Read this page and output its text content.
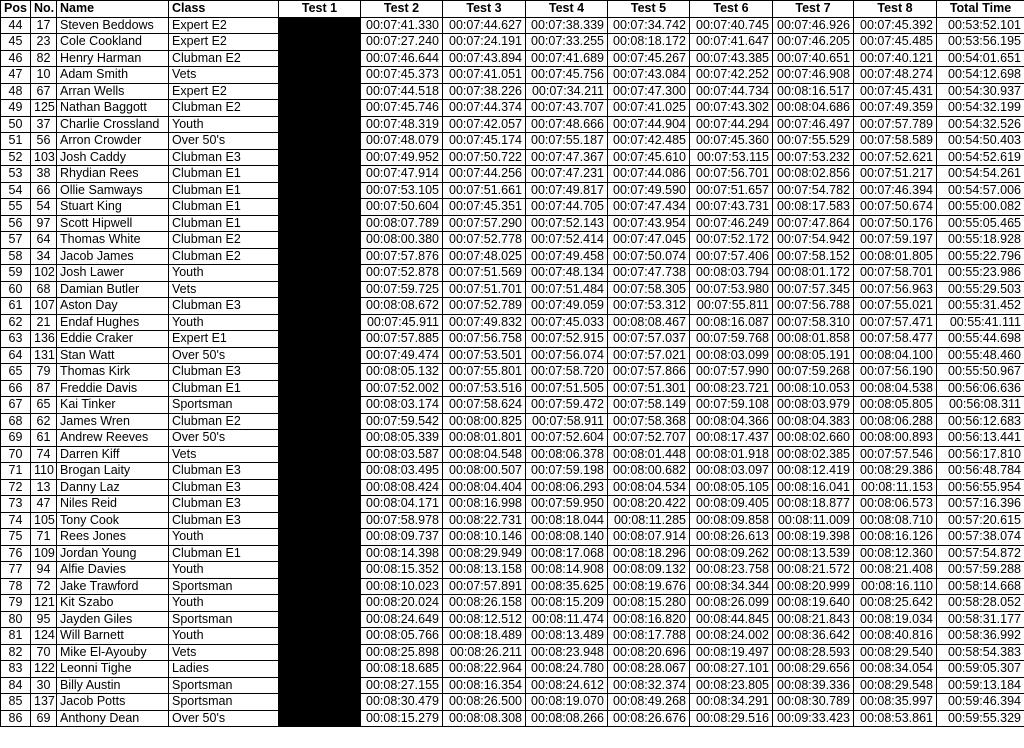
Pos	No.	Name	Class	Test 1	Test 2	Test 3	Test 4	Test 5	Test 6	Test 7	Test 8	Total Time
44	17	Steven Beddows	Expert E2		00:07:41.330	00:07:44.627	00:07:38.339	00:07:34.742	00:07:40.745	00:07:46.926	00:07:45.392	00:53:52.101
45	23	Cole Cookland	Expert E2		00:07:27.240	00:07:24.191	00:07:33.255	00:08:18.172	00:07:41.647	00:07:46.205	00:07:45.485	00:53:56.195
46	82	Henry Harman	Clubman E2		00:07:46.644	00:07:43.894	00:07:41.689	00:07:45.267	00:07:43.385	00:07:40.651	00:07:40.121	00:54:01.651
47	10	Adam Smith	Vets		00:07:45.373	00:07:41.051	00:07:45.756	00:07:43.084	00:07:42.252	00:07:46.908	00:07:48.274	00:54:12.698
48	67	Arran Wells	Expert E2		00:07:44.518	00:07:38.226	00:07:34.211	00:07:47.300	00:07:44.734	00:08:16.517	00:07:45.431	00:54:30.937
49	125	Nathan Baggott	Clubman E2		00:07:45.746	00:07:44.374	00:07:43.707	00:07:41.025	00:07:43.302	00:08:04.686	00:07:49.359	00:54:32.199
50	37	Charlie Crossland	Youth		00:07:48.319	00:07:42.057	00:07:48.666	00:07:44.904	00:07:44.294	00:07:46.497	00:07:57.789	00:54:32.526
51	56	Arron Crowder	Over 50's		00:07:48.079	00:07:45.174	00:07:55.187	00:07:42.485	00:07:45.360	00:07:55.529	00:07:58.589	00:54:50.403
52	103	Josh Caddy	Clubman E3		00:07:49.952	00:07:50.722	00:07:47.367	00:07:45.610	00:07:53.115	00:07:53.232	00:07:52.621	00:54:52.619
53	38	Rhydian Rees	Clubman E1		00:07:47.914	00:07:44.256	00:07:47.231	00:07:44.086	00:07:56.701	00:08:02.856	00:07:51.217	00:54:54.261
54	66	Ollie Samways	Clubman E1		00:07:53.105	00:07:51.661	00:07:49.817	00:07:49.590	00:07:51.657	00:07:54.782	00:07:46.394	00:54:57.006
55	54	Stuart King	Clubman E1		00:07:50.604	00:07:45.351	00:07:44.705	00:07:47.434	00:07:43.731	00:08:17.583	00:07:50.674	00:55:00.082
56	97	Scott Hipwell	Clubman E1		00:08:07.789	00:07:57.290	00:07:52.143	00:07:43.954	00:07:46.249	00:07:47.864	00:07:50.176	00:55:05.465
57	64	Thomas White	Clubman E2		00:08:00.380	00:07:52.778	00:07:52.414	00:07:47.045	00:07:52.172	00:07:54.942	00:07:59.197	00:55:18.928
58	34	Jacob James	Clubman E2		00:07:57.876	00:07:48.025	00:07:49.458	00:07:50.074	00:07:57.406	00:07:58.152	00:08:01.805	00:55:22.796
59	102	Josh Lawer	Youth		00:07:52.878	00:07:51.569	00:07:48.134	00:07:47.738	00:08:03.794	00:08:01.172	00:07:58.701	00:55:23.986
60	68	Damian Butler	Vets		00:07:59.725	00:07:51.701	00:07:51.484	00:07:58.305	00:07:53.980	00:07:57.345	00:07:56.963	00:55:29.503
61	107	Aston Day	Clubman E3		00:08:08.672	00:07:52.789	00:07:49.059	00:07:53.312	00:07:55.811	00:07:56.788	00:07:55.021	00:55:31.452
62	21	Endaf Hughes	Youth		00:07:45.911	00:07:49.832	00:07:45.033	00:08:08.467	00:08:16.087	00:07:58.310	00:07:57.471	00:55:41.111
63	136	Eddie Craker	Expert E1		00:07:57.885	00:07:56.758	00:07:52.915	00:07:57.037	00:07:59.768	00:08:01.858	00:07:58.477	00:55:44.698
64	131	Stan Watt	Over 50's		00:07:49.474	00:07:53.501	00:07:56.074	00:07:57.021	00:08:03.099	00:08:05.191	00:08:04.100	00:55:48.460
65	79	Thomas Kirk	Clubman E3		00:08:05.132	00:07:55.801	00:07:58.720	00:07:57.866	00:07:57.990	00:07:59.268	00:07:56.190	00:55:50.967
66	87	Freddie Davis	Clubman E1		00:07:52.002	00:07:53.516	00:07:51.505	00:07:51.301	00:08:23.721	00:08:10.053	00:08:04.538	00:56:06.636
67	65	Kai Tinker	Sportsman		00:08:03.174	00:07:58.624	00:07:59.472	00:07:58.149	00:07:59.108	00:08:03.979	00:08:05.805	00:56:08.311
68	62	James Wren	Clubman E2		00:07:59.542	00:08:00.825	00:07:58.911	00:07:58.368	00:08:04.366	00:08:04.383	00:08:06.288	00:56:12.683
69	61	Andrew Reeves	Over 50's		00:08:05.339	00:08:01.801	00:07:52.604	00:07:52.707	00:08:17.437	00:08:02.660	00:08:00.893	00:56:13.441
70	74	Darren Kiff	Vets		00:08:03.587	00:08:04.548	00:08:06.378	00:08:01.448	00:08:01.918	00:08:02.385	00:07:57.546	00:56:17.810
71	110	Brogan Laity	Clubman E3		00:08:03.495	00:08:00.507	00:07:59.198	00:08:00.682	00:08:03.097	00:08:12.419	00:08:29.386	00:56:48.784
72	13	Danny Laz	Clubman E3		00:08:08.424	00:08:04.404	00:08:06.293	00:08:04.534	00:08:05.105	00:08:16.041	00:08:11.153	00:56:55.954
73	47	Niles Reid	Clubman E3		00:08:04.171	00:08:16.998	00:07:59.950	00:08:20.422	00:08:09.405	00:08:18.877	00:08:06.573	00:57:16.396
74	105	Tony Cook	Clubman E3		00:07:58.978	00:08:22.731	00:08:18.044	00:08:11.285	00:08:09.858	00:08:11.009	00:08:08.710	00:57:20.615
75	71	Rees Jones	Youth		00:08:09.737	00:08:10.146	00:08:08.140	00:08:07.914	00:08:26.613	00:08:19.398	00:08:16.126	00:57:38.074
76	109	Jordan Young	Clubman E1		00:08:14.398	00:08:29.949	00:08:17.068	00:08:18.296	00:08:09.262	00:08:13.539	00:08:12.360	00:57:54.872
77	94	Alfie Davies	Youth		00:08:15.352	00:08:13.158	00:08:14.908	00:08:09.132	00:08:23.758	00:08:21.572	00:08:21.408	00:57:59.288
78	72	Jake Trawford	Sportsman		00:08:10.023	00:07:57.891	00:08:35.625	00:08:19.676	00:08:34.344	00:08:20.999	00:08:16.110	00:58:14.668
79	121	Kit Szabo	Youth		00:08:20.024	00:08:26.158	00:08:15.209	00:08:15.280	00:08:26.099	00:08:19.640	00:08:25.642	00:58:28.052
80	95	Jayden Giles	Sportsman		00:08:24.649	00:08:12.512	00:08:11.474	00:08:16.820	00:08:44.845	00:08:21.843	00:08:19.034	00:58:31.177
81	124	Will Barnett	Youth		00:08:05.766	00:08:18.489	00:08:13.489	00:08:17.788	00:08:24.002	00:08:36.642	00:08:40.816	00:58:36.992
82	70	Mike El-Ayouby	Vets		00:08:25.898	00:08:26.211	00:08:23.948	00:08:20.696	00:08:19.497	00:08:28.593	00:08:29.540	00:58:54.383
83	122	Leonni Tighe	Ladies		00:08:18.685	00:08:22.964	00:08:24.780	00:08:28.067	00:08:27.101	00:08:29.656	00:08:34.054	00:59:05.307
84	30	Billy Austin	Sportsman		00:08:27.155	00:08:16.354	00:08:24.612	00:08:32.374	00:08:23.805	00:08:39.336	00:08:29.548	00:59:13.184
85	137	Jacob Potts	Sportsman		00:08:30.479	00:08:26.500	00:08:19.070	00:08:49.268	00:08:34.291	00:08:30.789	00:08:35.997	00:59:46.394
86	69	Anthony Dean	Over 50's		00:08:15.279	00:08:08.308	00:08:08.266	00:08:26.676	00:08:29.516	00:09:33.423	00:08:53.861	00:59:55.329
